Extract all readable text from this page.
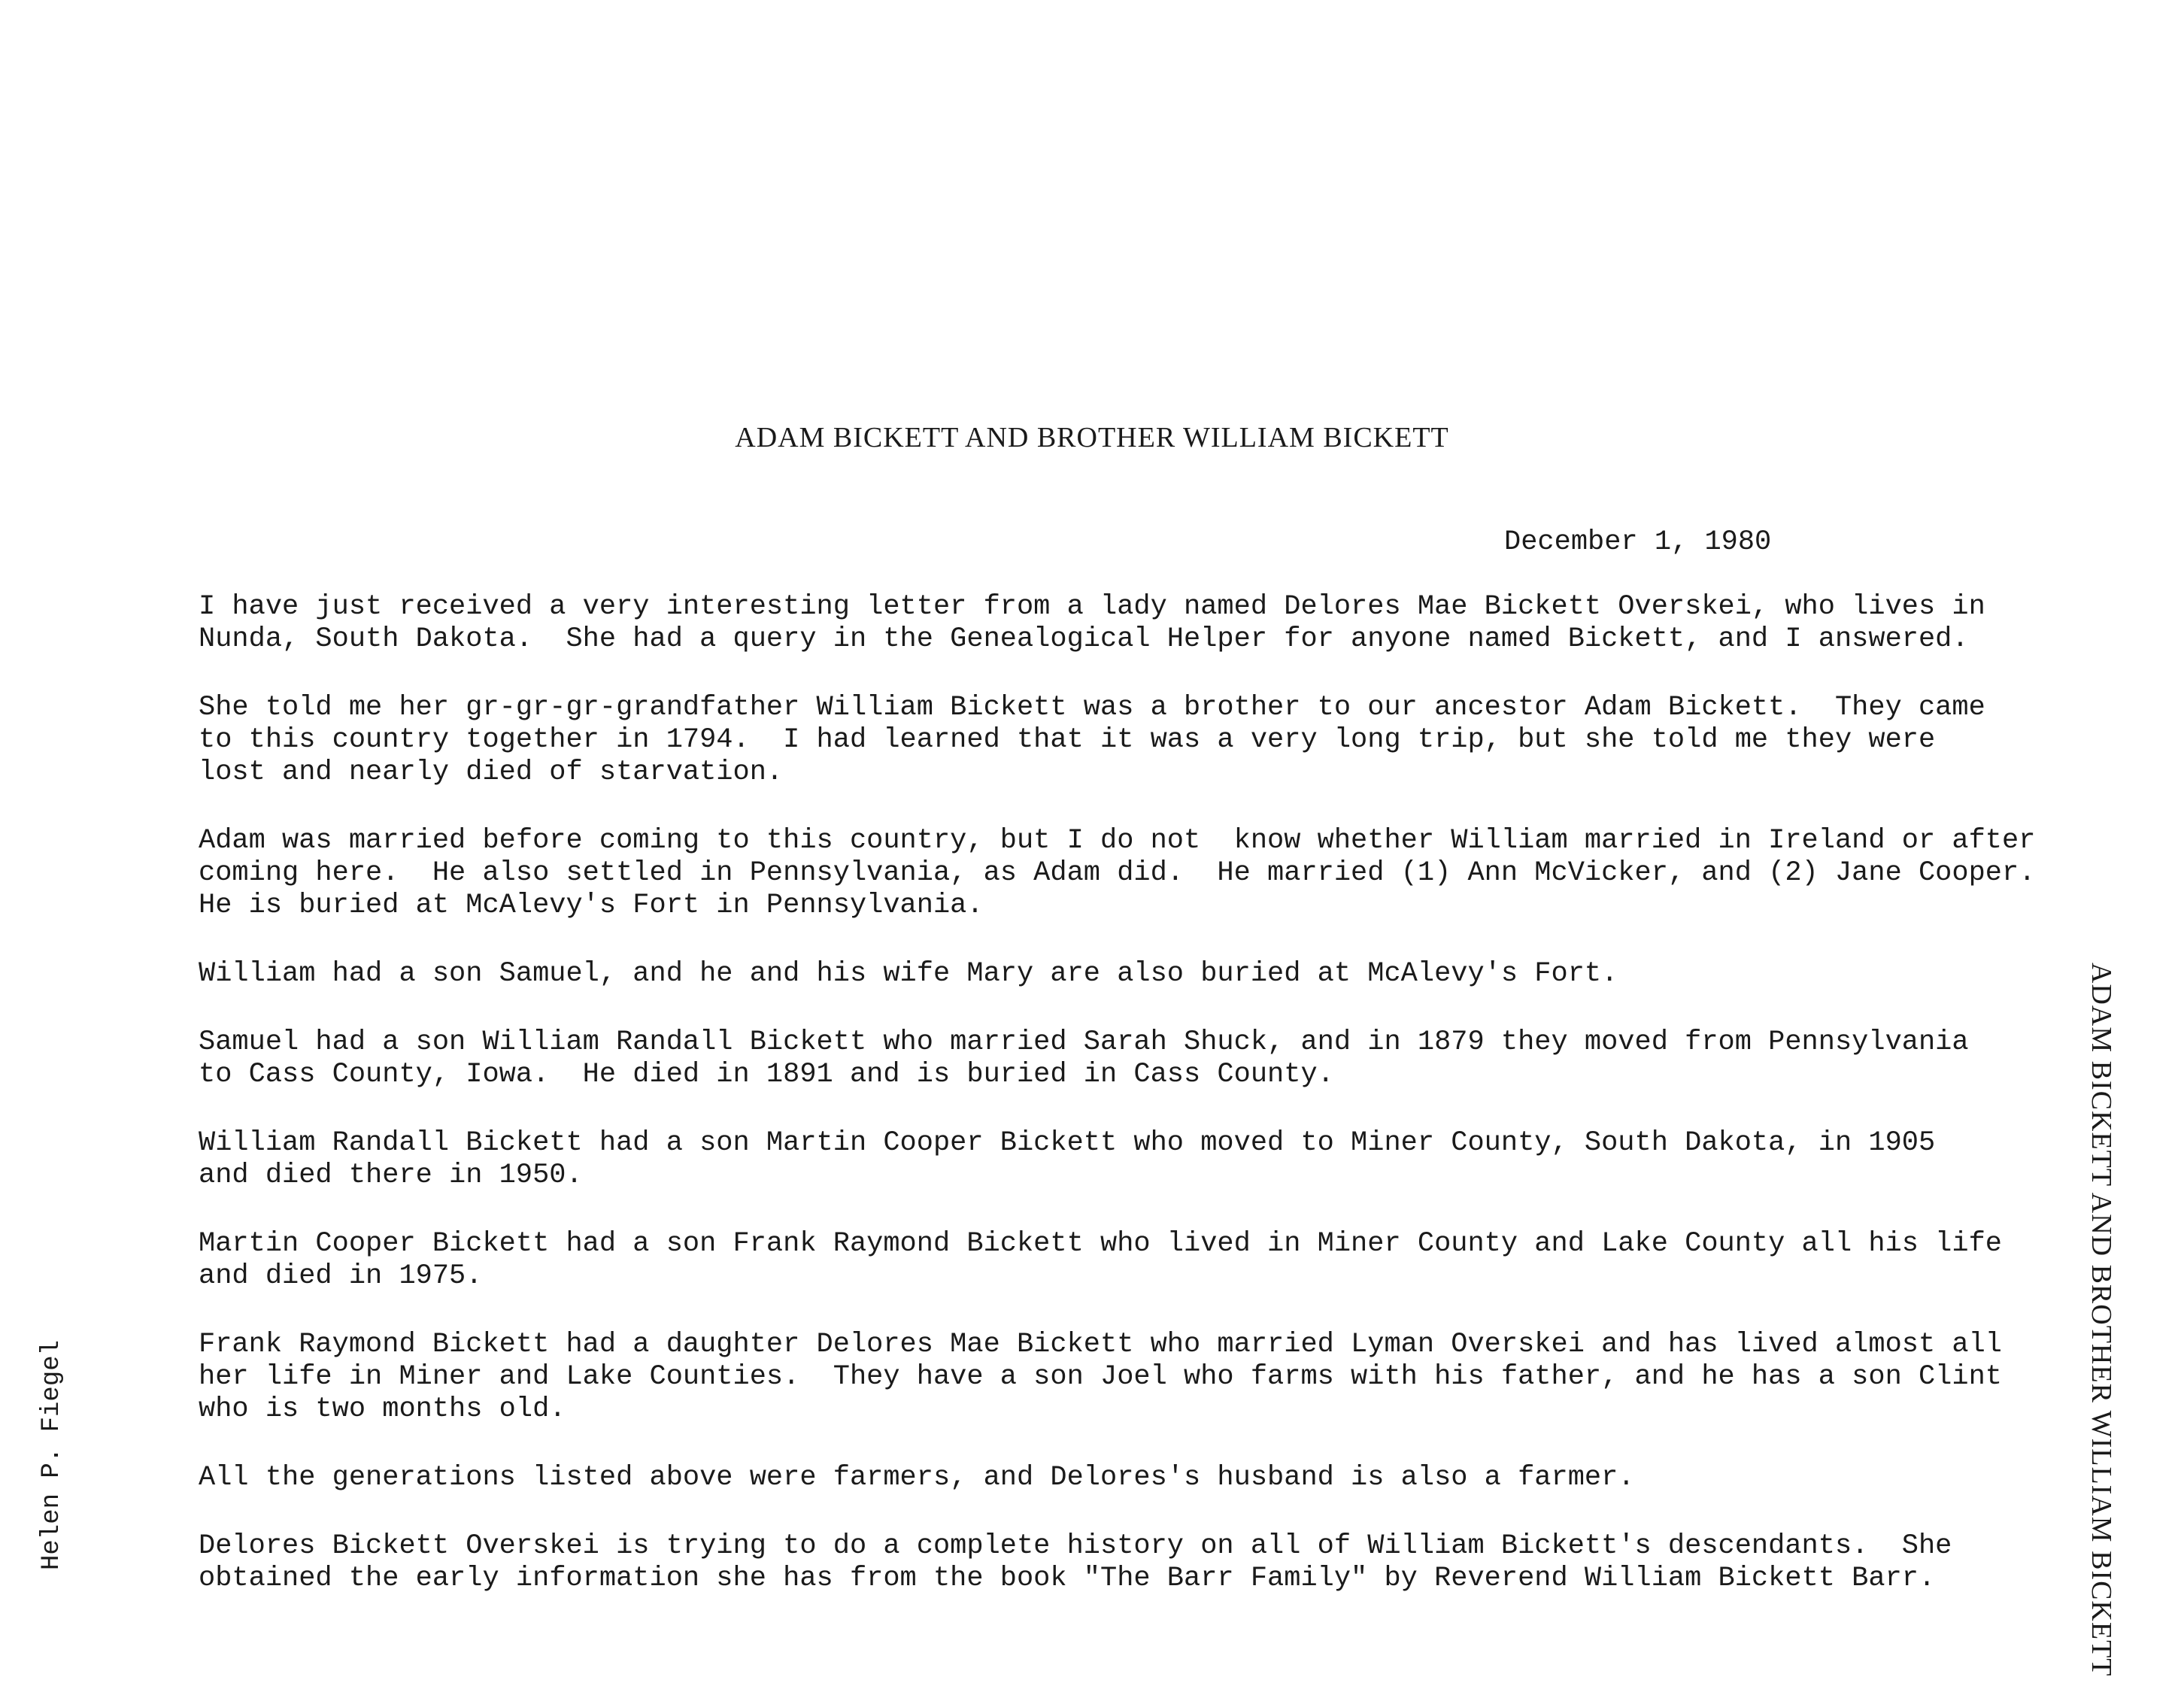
ADAM BICKETT AND BROTHER WILLIAM BICKETT

December 1, 1980

I have just received a very interesting letter from a lady named Delores Mae Bickett Overskei, who lives in
Nunda, South Dakota.  She had a query in the Genealogical Helper for anyone named Bickett, and I answered.

She told me her gr-gr-gr-grandfather William Bickett was a brother to our ancestor Adam Bickett.  They came
to this country together in 1794.  I had learned that it was a very long trip, but she told me they were
lost and nearly died of starvation.

Adam was married before coming to this country, but I do not  know whether William married in Ireland or after
coming here.  He also settled in Pennsylvania, as Adam did.  He married (1) Ann McVicker, and (2) Jane Cooper.
He is buried at McAlevy's Fort in Pennsylvania.

William had a son Samuel, and he and his wife Mary are also buried at McAlevy's Fort.

Samuel had a son William Randall Bickett who married Sarah Shuck, and in 1879 they moved from Pennsylvania
to Cass County, Iowa.  He died in 1891 and is buried in Cass County.

William Randall Bickett had a son Martin Cooper Bickett who moved to Miner County, South Dakota, in 1905
and died there in 1950.

Martin Cooper Bickett had a son Frank Raymond Bickett who lived in Miner County and Lake County all his life
and died in 1975.

Frank Raymond Bickett had a daughter Delores Mae Bickett who married Lyman Overskei and has lived almost all
her life in Miner and Lake Counties.  They have a son Joel who farms with his father, and he has a son Clint
who is two months old.

All the generations listed above were farmers, and Delores's husband is also a farmer.

Delores Bickett Overskei is trying to do a complete history on all of William Bickett's descendants.  She
obtained the early information she has from the book "The Barr Family" by Reverend William Bickett Barr.	ADAM BICKETT AND BROTHER WILLIAM BICKETT
Helen P. Fiegel
